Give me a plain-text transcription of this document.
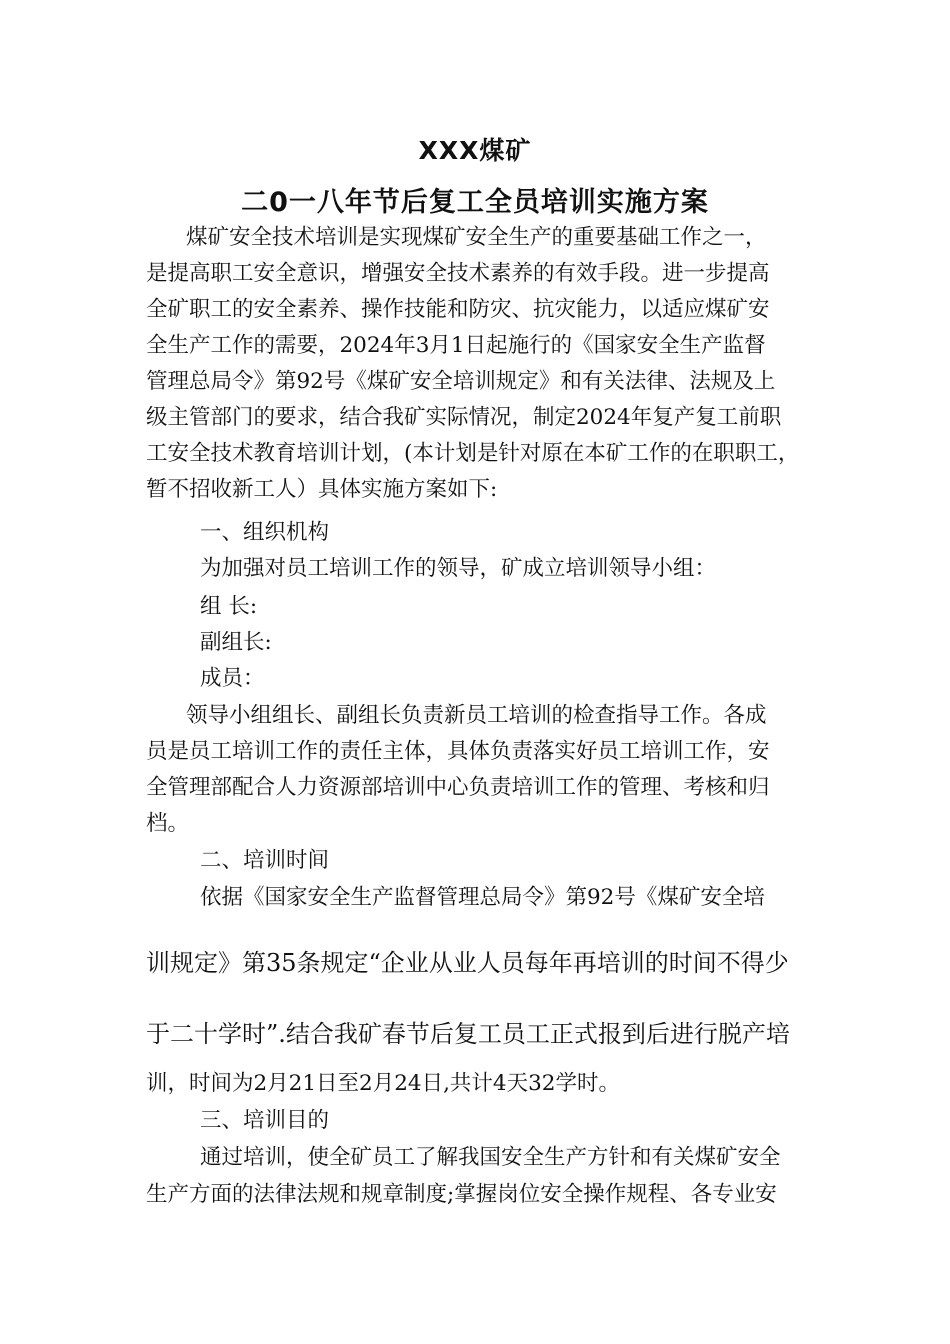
XXX煤矿
二0一八年节后复工全员培训实施方案
煤矿安全技术培训是实现煤矿安全生产的重要基础工作之一，
是提高职工安全意识，增强安全技术素养的有效手段。进一步提高
全矿职工的安全素养、操作技能和防灾、抗灾能力，以适应煤矿安
全生产工作的需要，2024年3月1日起施行的《国家安全生产监督
管理总局令》第92号《煤矿安全培训规定》和有关法律、法规及上
级主管部门的要求，结合我矿实际情况，制定2024年复产复工前职
工安全技术教育培训计划，(本计划是针对原在本矿工作的在职职工，
暂不招收新工人）具体实施方案如下:
一、组织机构
为加强对员工培训工作的领导，矿成立培训领导小组：
组 长:
副组长:
成员：
领导小组组长、副组长负责新员工培训的检查指导工作。各成
员是员工培训工作的责任主体，具体负责落实好员工培训工作，安
全管理部配合人力资源部培训中心负责培训工作的管理、考核和归
档。
二、培训时间
依据《国家安全生产监督管理总局令》第92号《煤矿安全培
训规定》第35条规定“企业从业人员每年再培训的时间不得少
于二十学时”.结合我矿春节后复工员工正式报到后进行脱产培
训，时间为2月21日至2月24日,共计4天32学时。
三、培训目的
通过培训，使全矿员工了解我国安全生产方针和有关煤矿安全
生产方面的法律法规和规章制度;掌握岗位安全操作规程、各专业安
